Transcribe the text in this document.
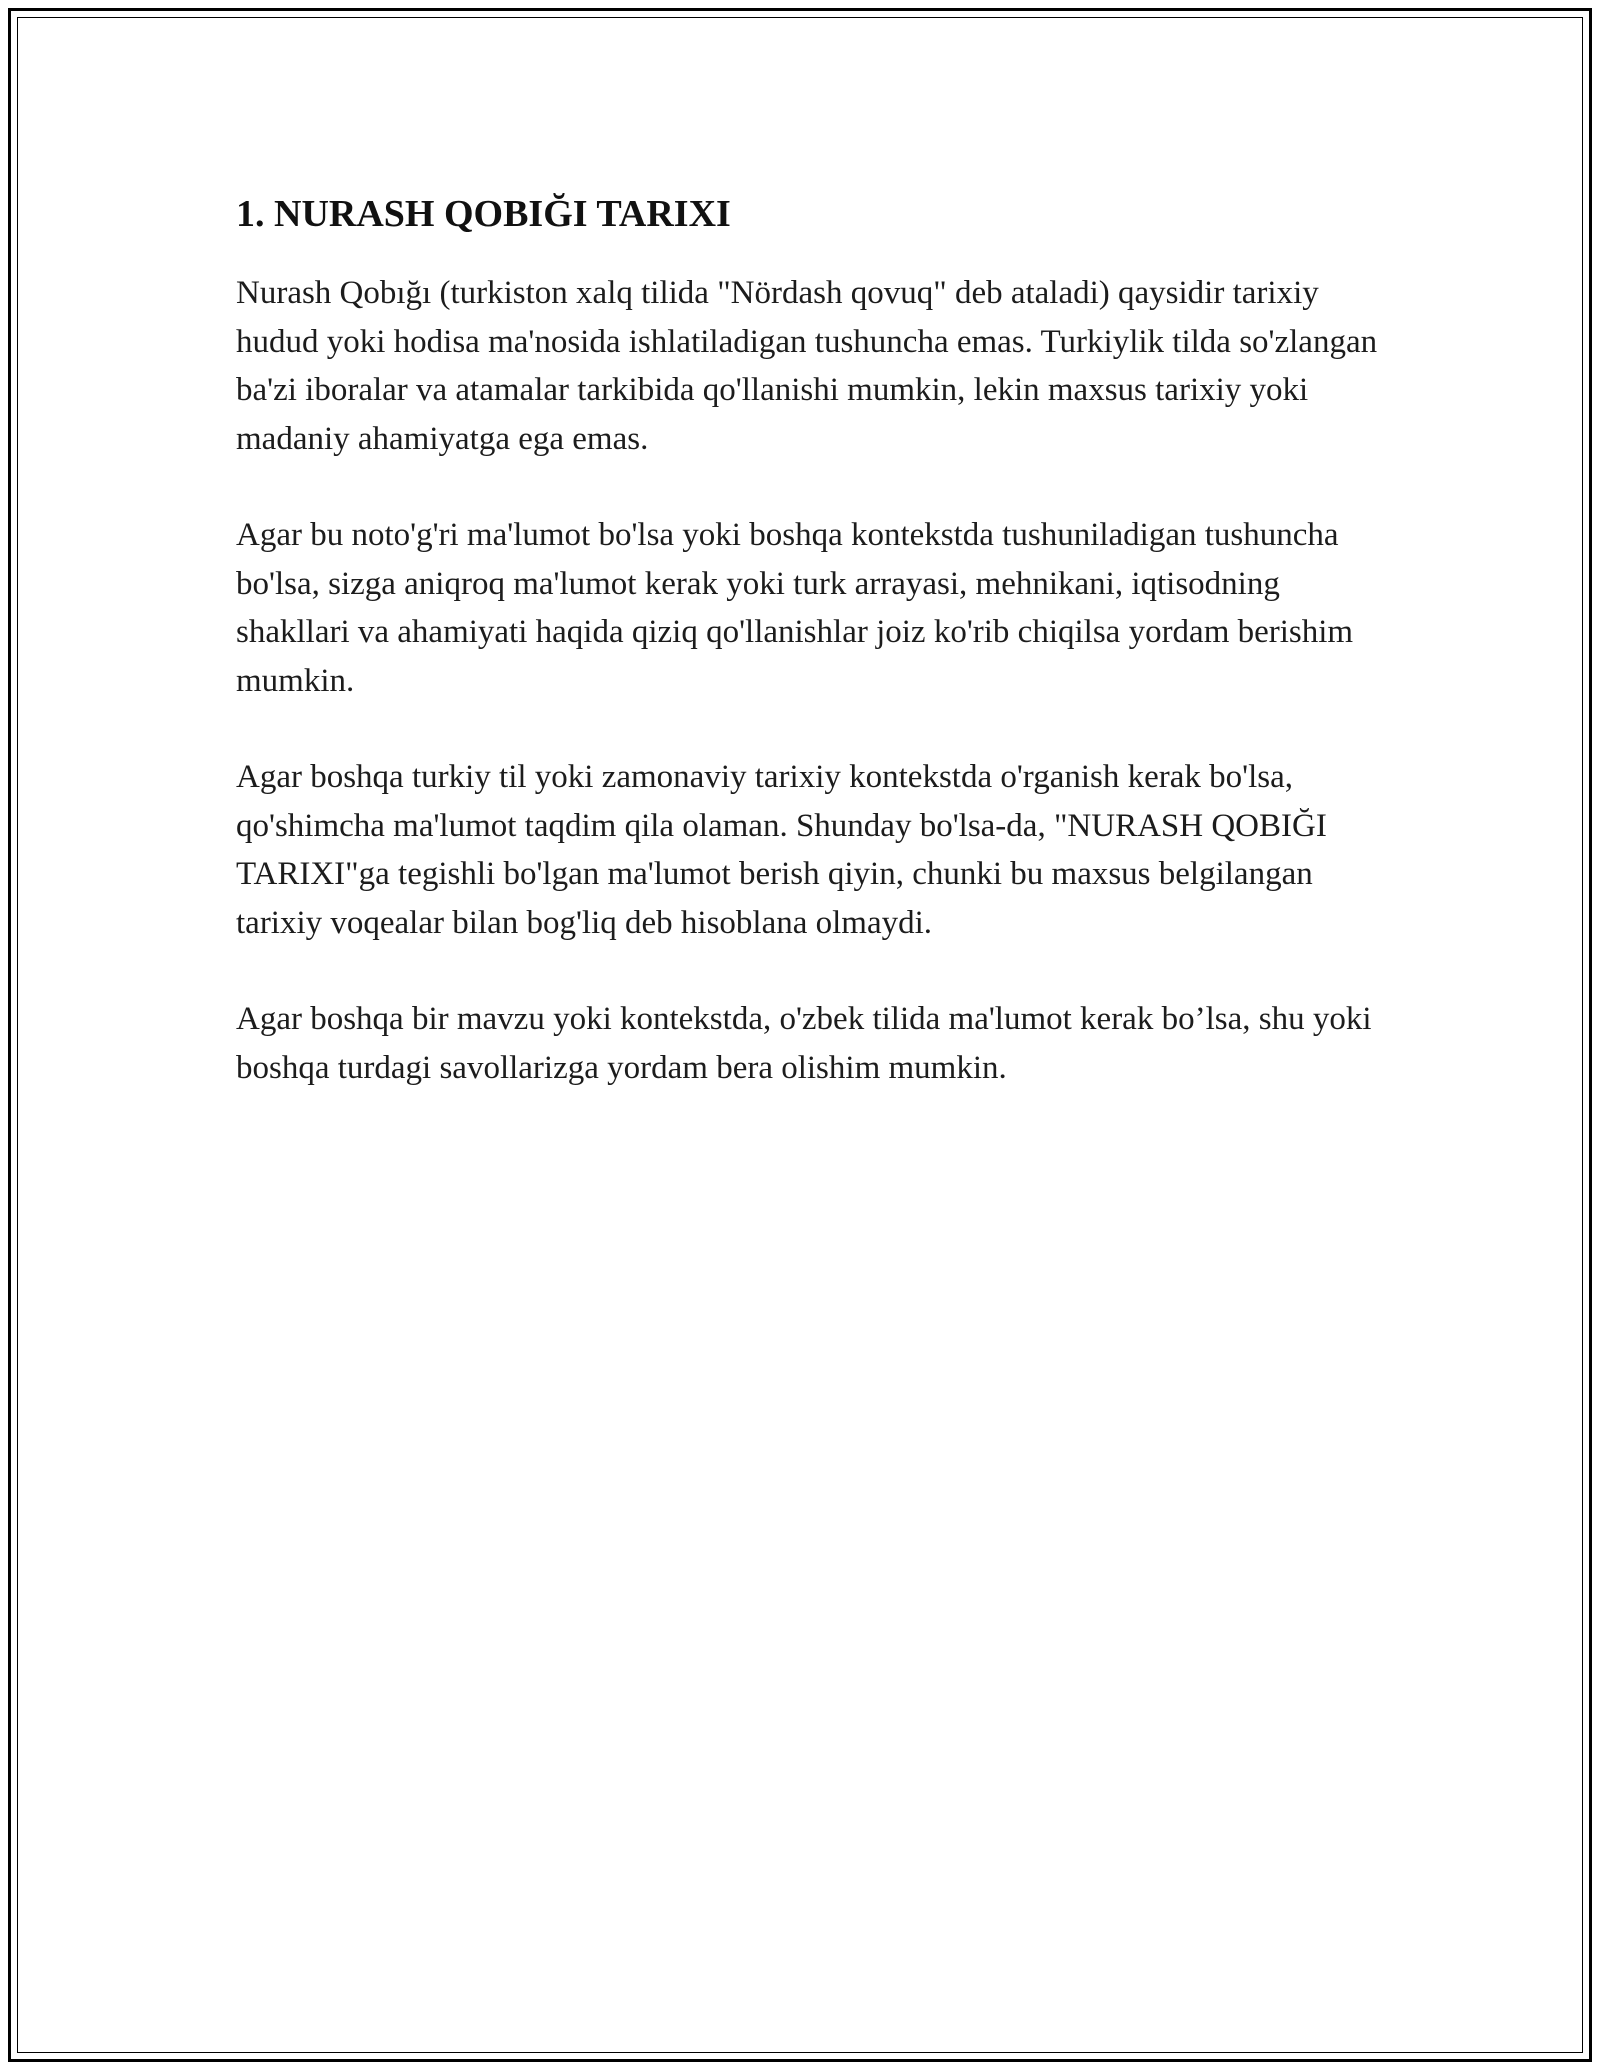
1. NURASH QOBIĞI TARIXI

Nurash Qobığı (turkiston xalq tilida "Nördash qovuq" deb ataladi) qaysidir tarixiy hudud yoki hodisa ma'nosida ishlatiladigan tushuncha emas. Turkiylik tilda so'zlangan ba'zi iboralar va atamalar tarkibida qo'llanishi mumkin, lekin maxsus tarixiy yoki madaniy ahamiyatga ega emas.

Agar bu noto'g'ri ma'lumot bo'lsa yoki boshqa kontekstda tushuniladigan tushuncha bo'lsa, sizga aniqroq ma'lumot kerak yoki turk arrayasi, mehnikani, iqtisodning shakllari va ahamiyati haqida qiziq qo'llanishlar joiz ko'rib chiqilsa yordam berishim mumkin.

Agar boshqa turkiy til yoki zamonaviy tarixiy kontekstda o'rganish kerak bo'lsa, qo'shimcha ma'lumot taqdim qila olaman. Shunday bo'lsa-da, "NURASH QOBIĞI TARIXI"ga tegishli bo'lgan ma'lumot berish qiyin, chunki bu maxsus belgilangan tarixiy voqealar bilan bog'liq deb hisoblana olmaydi.

Agar boshqa bir mavzu yoki kontekstda, o'zbek tilida ma'lumot kerak bo’lsa, shu yoki boshqa turdagi savollarizga yordam bera olishim mumkin.
